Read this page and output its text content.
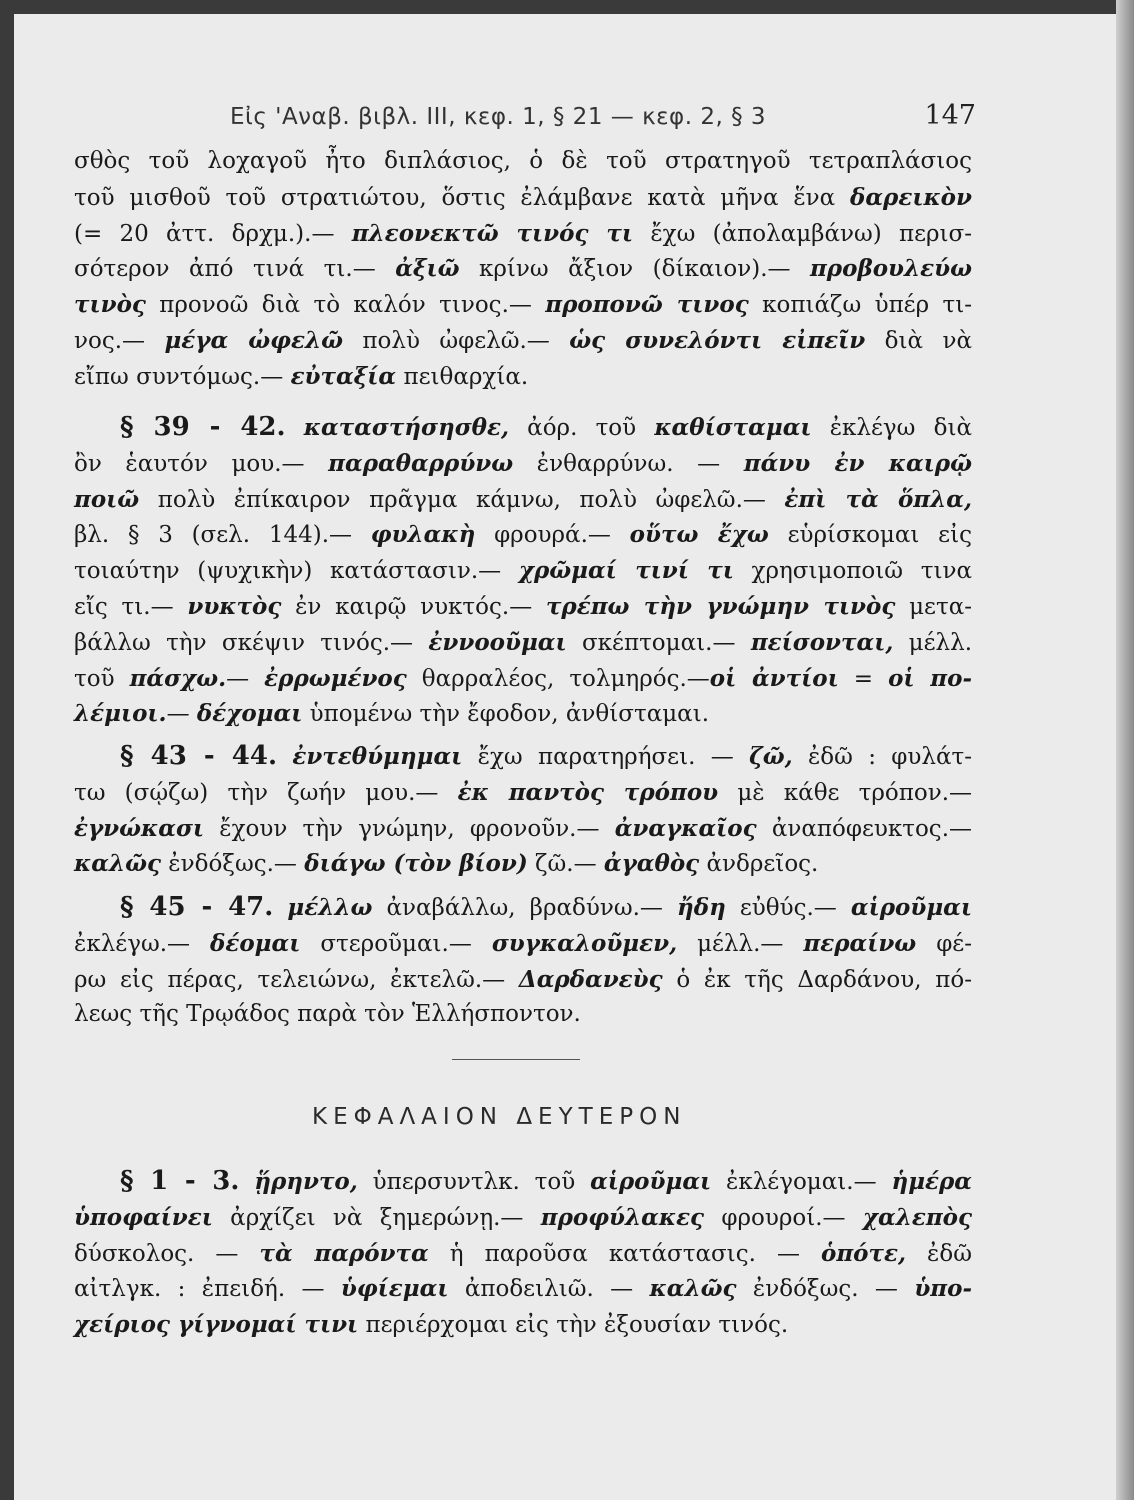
Εἰς 'Αναβ. βιβλ. III, κεφ. 1, § 21 — κεφ. 2, § 3	147
σθὸς τοῦ λοχαγοῦ ἦτο διπλάσιος, ὁ δὲ τοῦ στρατηγοῦ τετραπλάσιος
τοῦ μισθοῦ τοῦ στρατιώτου, ὅστις ἐλάμβανε κατὰ μῆνα ἕνα δαρεικὸν
(= 20 ἀττ. δρχμ.).— πλεονεκτῶ τινός τι ἔχω (ἀπολαμβάνω) περισ-
σότερον ἀπό τινά τι.— ἀξιῶ κρίνω ἄξιον (δίκαιον).— προβουλεύω
τινὸς προνοῶ διὰ τὸ καλόν τινος.— προπονῶ τινος κοπιάζω ὑπέρ τι-
νος.— μέγα ὠφελῶ πολὺ ὠφελῶ.— ὡς συνελόντι εἰπεῖν διὰ νὰ
εἴπω συντόμως.— εὐταξία πειθαρχία.
§ 39 - 42. καταστήσησθε, ἀόρ. τοῦ καθίσταμαι ἐκλέγω διὰ
ὂν ἑαυτόν μου.— παραθαρρύνω ἐνθαρρύνω. — πάνυ ἐν καιρῷ
ποιῶ πολὺ ἐπίκαιρον πρᾶγμα κάμνω, πολὺ ὠφελῶ.— ἐπὶ τὰ ὅπλα,
βλ. § 3 (σελ. 144).— φυλακὴ φρουρά.— οὕτω ἔχω εὑρίσκομαι εἰς
τοιαύτην (ψυχικὴν) κατάστασιν.— χρῶμαί τινί τι χρησιμοποιῶ τινα
εἴς τι.— νυκτὸς ἐν καιρῷ νυκτός.— τρέπω τὴν γνώμην τινὸς μετα-
βάλλω τὴν σκέψιν τινός.— ἐννοοῦμαι σκέπτομαι.— πείσονται, μέλλ.
τοῦ πάσχω.— ἐρρωμένος θαρραλέος, τολμηρός.—οἱ ἀντίοι = οἱ πο-
λέμιοι.— δέχομαι ὑπομένω τὴν ἔφοδον, ἀνθίσταμαι.
§ 43 - 44. ἐντεθύμημαι ἔχω παρατηρήσει. — ζῶ, ἐδῶ : φυλάτ-
τω (σῴζω) τὴν ζωήν μου.— ἐκ παντὸς τρόπου μὲ κάθε τρόπον.—
ἐγνώκασι ἔχουν τὴν γνώμην, φρονοῦν.— ἀναγκαῖος ἀναπόφευκτος.—
καλῶς ἐνδόξως.— διάγω (τὸν βίον) ζῶ.— ἀγαθὸς ἀνδρεῖος.
§ 45 - 47. μέλλω ἀναβάλλω, βραδύνω.— ἤδη εὐθύς.— αἱροῦμαι
ἐκλέγω.— δέομαι στεροῦμαι.— συγκαλοῦμεν, μέλλ.— περαίνω φέ-
ρω εἰς πέρας, τελειώνω, ἐκτελῶ.— Δαρδανεὺς ὁ ἐκ τῆς Δαρδάνου, πό-
λεως τῆς Τρῳάδος παρὰ τὸν Ἑλλήσποντον.
ΚΕΦΑΛΑΙΟΝ ΔΕΥΤΕΡΟΝ
§ 1 - 3. ᾕρηντο, ὑπερσυντλκ. τοῦ αἱροῦμαι ἐκλέγομαι.— ἡμέρα
ὑποφαίνει ἀρχίζει νὰ ξημερώνῃ.— προφύλακες φρουροί.— χαλεπὸς
δύσκολος. — τὰ παρόντα ἡ παροῦσα κατάστασις. — ὁπότε, ἐδῶ
αἰτλγκ. : ἐπειδή. — ὑφίεμαι ἀποδειλιῶ. — καλῶς ἐνδόξως. — ὑπο-
χείριος γίγνομαί τινι περιέρχομαι εἰς τὴν ἐξουσίαν τινός.
